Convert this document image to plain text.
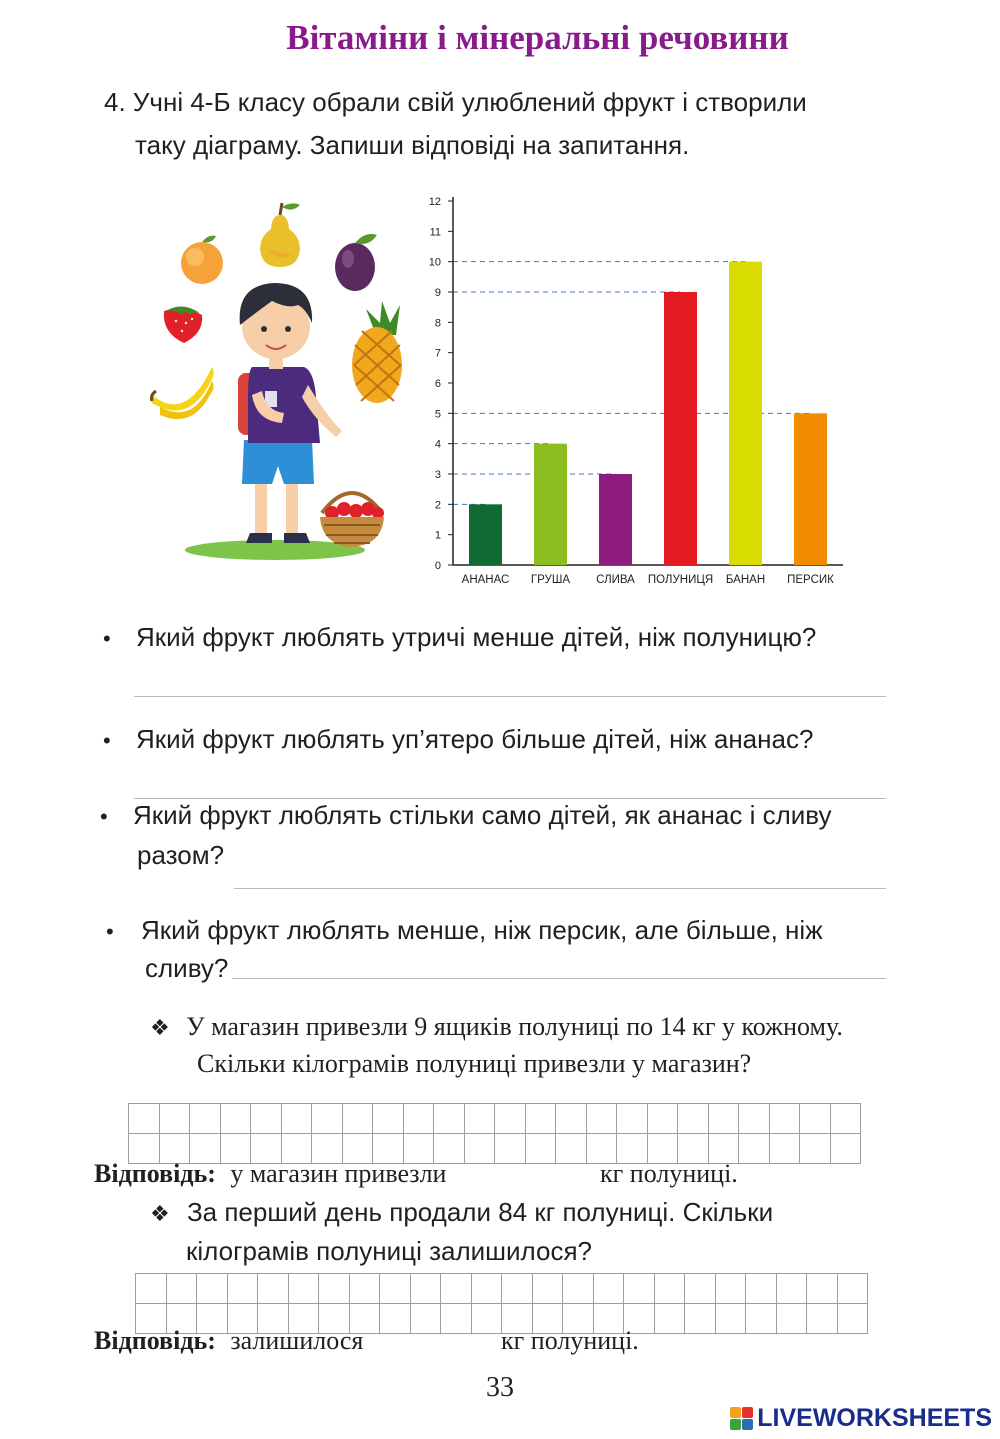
Вітаміни і мінеральні речовини
4. Учні 4-Б класу обрали свій улюблений фрукт і створили
таку діаграму. Запиши відповіді на запитання.
0
1
2
3
4
5
6
7
8
9
10
11
12
АНАНАС ГРУША СЛИВА ПОЛУНИЦЯ БАНАН ПЕРСИК
• Який фрукт люблять утричі менше дітей, ніж полуницю?
• Який фрукт люблять уп’ятеро більше дітей, ніж ананас?
• Який фрукт люблять стільки само дітей, як ананас і сливу
разом?
• Який фрукт люблять менше, ніж персик, але більше, ніж
сливу?
❖ У магазин привезли 9 ящиків полуниці по 14 кг у кожному.
Скільки кілограмів полуниці привезли у магазин?
Відповідь: у магазин привезли	кг полуниці.
❖ За перший день продали 84 кг полуниці. Скільки
кілограмів полуниці залишилося?
Відповідь: залишилося	кг полуниці.
33
LIVEWORKSHEETS
